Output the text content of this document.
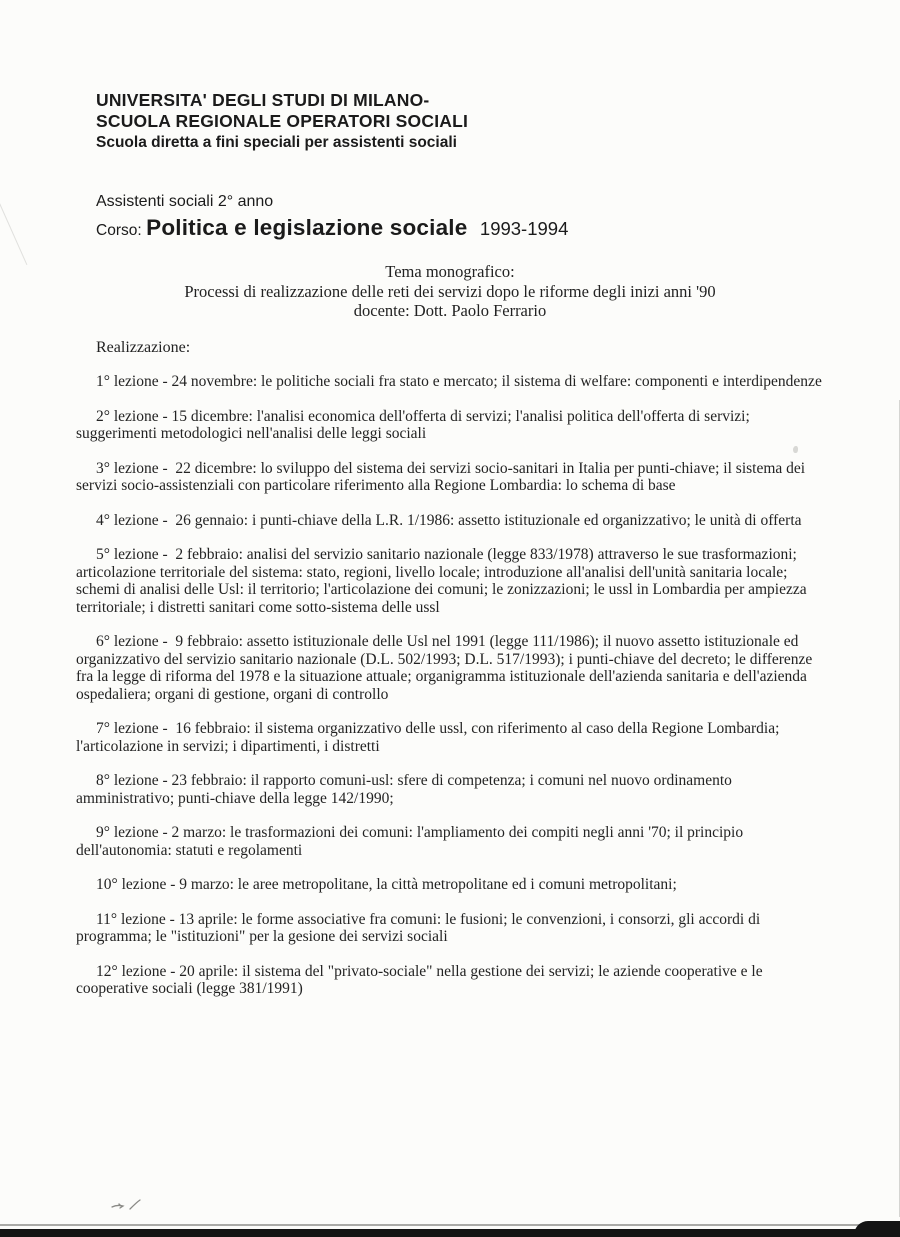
UNIVERSITA' DEGLI STUDI DI MILANO-
SCUOLA REGIONALE OPERATORI SOCIALI
Scuola diretta a fini speciali per assistenti sociali
Assistenti sociali 2° anno
Corso: Politica e legislazione sociale 1993-1994
Tema monografico:
Processi di realizzazione delle reti dei servizi dopo le riforme degli inizi anni '90
docente: Dott. Paolo Ferrario
Realizzazione:

1° lezione - 24 novembre: le politiche sociali fra stato e mercato; il sistema di welfare: componenti e interdipendenze

2° lezione - 15 dicembre: l'analisi economica dell'offerta di servizi; l'analisi politica dell'offerta di servizi; suggerimenti metodologici nell'analisi delle leggi sociali

3° lezione -  22 dicembre: lo sviluppo del sistema dei servizi socio-sanitari in Italia per punti-chiave; il sistema dei servizi socio-assistenziali con particolare riferimento alla Regione Lombardia: lo schema di base

4° lezione -  26 gennaio: i punti-chiave della L.R. 1/1986: assetto istituzionale ed organizzativo; le unità di offerta

5° lezione -  2 febbraio: analisi del servizio sanitario nazionale (legge 833/1978) attraverso le sue trasformazioni; articolazione territoriale del sistema: stato, regioni, livello locale; introduzione all'analisi dell'unità sanitaria locale; schemi di analisi delle Usl: il territorio; l'articolazione dei comuni; le zonizzazioni; le ussl in Lombardia per ampiezza territoriale; i distretti sanitari come sotto-sistema delle ussl

6° lezione -  9 febbraio: assetto istituzionale delle Usl nel 1991 (legge 111/1986); il nuovo assetto istituzionale ed organizzativo del servizio sanitario nazionale (D.L. 502/1993; D.L. 517/1993); i punti-chiave del decreto; le differenze fra la legge di riforma del 1978 e la situazione attuale; organigramma istituzionale dell'azienda sanitaria e dell'azienda ospedaliera; organi di gestione, organi di controllo

7° lezione -  16 febbraio: il sistema organizzativo delle ussl, con riferimento al caso della Regione Lombardia; l'articolazione in servizi; i dipartimenti, i distretti

8° lezione - 23 febbraio: il rapporto comuni-usl: sfere di competenza; i comuni nel nuovo ordinamento amministrativo; punti-chiave della legge 142/1990;

9° lezione - 2 marzo: le trasformazioni dei comuni: l'ampliamento dei compiti negli anni '70; il principio dell'autonomia: statuti e regolamenti

10° lezione - 9 marzo: le aree metropolitane, la città metropolitane ed i comuni metropolitani;

11° lezione - 13 aprile: le forme associative fra comuni: le fusioni; le convenzioni, i consorzi, gli accordi di programma; le "istituzioni" per la gesione dei servizi sociali

12° lezione - 20 aprile: il sistema del "privato-sociale" nella gestione dei servizi; le aziende cooperative e le cooperative sociali (legge 381/1991)
